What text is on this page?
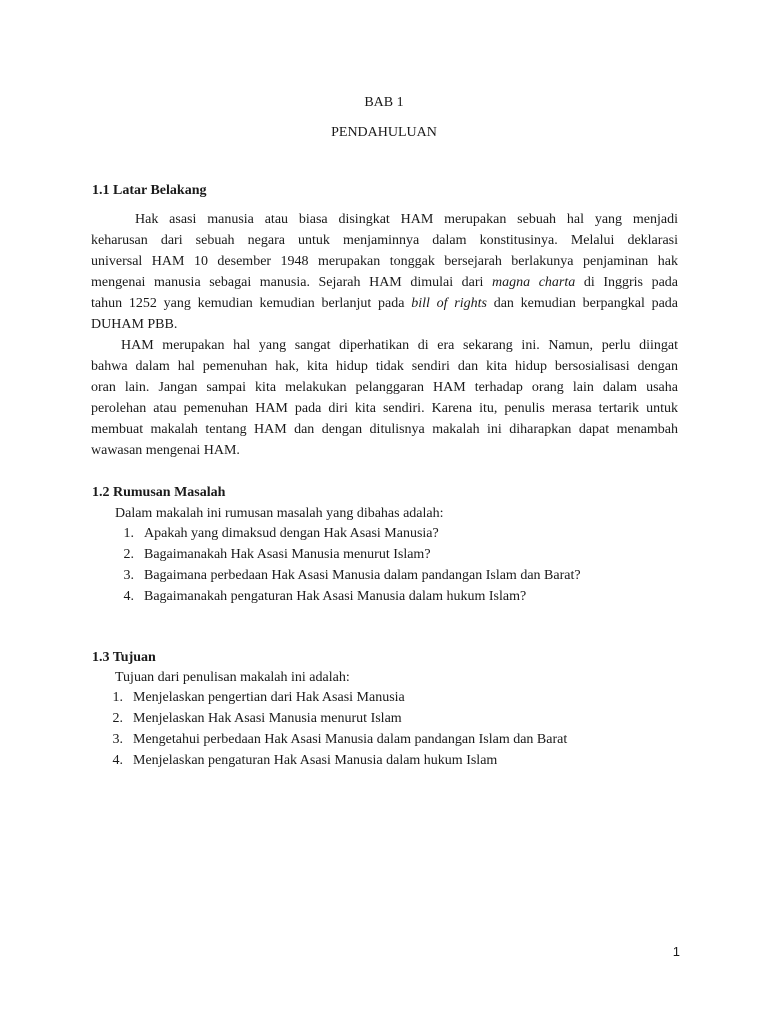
BAB 1
PENDAHULUAN
1.1 Latar Belakang
Hak asasi manusia atau biasa disingkat HAM merupakan sebuah hal yang menjadi
keharusan dari sebuah negara untuk menjaminnya dalam konstitusinya. Melalui deklarasi
universal HAM 10 desember 1948 merupakan tonggak bersejarah berlakunya penjaminan hak
mengenai manusia sebagai manusia. Sejarah HAM dimulai dari magna charta di Inggris pada
tahun 1252 yang kemudian kemudian berlanjut pada bill of rights dan kemudian berpangkal pada
DUHAM PBB.
HAM merupakan hal yang sangat diperhatikan di era sekarang ini. Namun, perlu diingat
bahwa dalam hal pemenuhan hak, kita hidup tidak sendiri dan kita hidup bersosialisasi dengan
oran lain. Jangan sampai kita melakukan pelanggaran HAM terhadap orang lain dalam usaha
perolehan atau pemenuhan HAM pada diri kita sendiri. Karena itu, penulis merasa tertarik untuk
membuat makalah tentang HAM dan dengan ditulisnya makalah ini diharapkan dapat menambah
wawasan mengenai HAM.
1.2 Rumusan Masalah
Dalam makalah ini rumusan masalah yang dibahas adalah:
1. Apakah yang dimaksud dengan Hak Asasi Manusia?
2. Bagaimanakah Hak Asasi Manusia menurut Islam?
3. Bagaimana perbedaan Hak Asasi Manusia dalam pandangan Islam dan Barat?
4. Bagaimanakah pengaturan Hak Asasi Manusia dalam hukum Islam?
1.3 Tujuan
Tujuan dari penulisan makalah ini adalah:
1. Menjelaskan pengertian dari Hak Asasi Manusia
2. Menjelaskan Hak Asasi Manusia menurut Islam
3. Mengetahui perbedaan Hak Asasi Manusia dalam pandangan Islam dan Barat
4. Menjelaskan pengaturan Hak Asasi Manusia dalam hukum Islam
1
